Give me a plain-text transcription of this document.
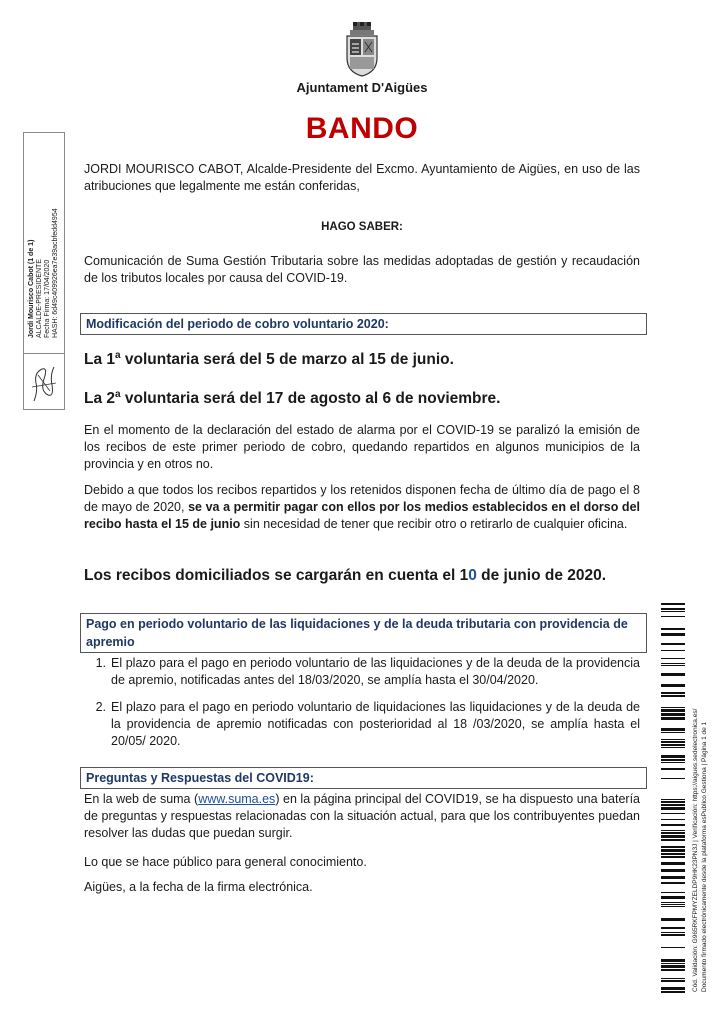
Ajuntament D'Aigües
BANDO
Jordi Mourisco Cabot (1 de 1) ALCALDE-PRESIDENTE Fecha Firma: 17/04/2020 HASH: 6d49c409926ea7e39acbfedd4954
JORDI MOURISCO CABOT, Alcalde-Presidente del Excmo. Ayuntamiento de Aigües, en uso de las atribuciones que legalmente me están conferidas,
HAGO SABER:
Comunicación de Suma Gestión Tributaria sobre las medidas adoptadas de gestión y recaudación de los tributos locales por causa del COVID-19.
Modificación del periodo de cobro voluntario 2020:
La 1$^a$ voluntaria será del 5 de marzo al 15 de junio.
La 2$^a$ voluntaria será del 17 de agosto al 6 de noviembre.
En el momento de la declaración del estado de alarma por el COVID-19 se paralizó la emisión de los recibos de este primer periodo de cobro, quedando repartidos en algunos municipios de la provincia y en otros no.
Debido a que todos los recibos repartidos y los retenidos disponen fecha de último día de pago el 8 de mayo de 2020, se va a permitir pagar con ellos por los medios establecidos en el dorso del recibo hasta el 15 de junio sin necesidad de tener que recibir otro o retirarlo de cualquier oficina.
Los recibos domiciliados se cargarán en cuenta el 10 de junio de 2020.
Pago en periodo voluntario de las liquidaciones y de la deuda tributaria con providencia de apremio
1. El plazo para el pago en periodo voluntario de las liquidaciones y de la deuda de la providencia de apremio, notificadas antes del 18/03/2020, se amplía hasta el 30/04/2020.
2. El plazo para el pago en periodo voluntario de liquidaciones las liquidaciones y de la deuda de la providencia de apremio notificadas con posterioridad al 18 /03/2020, se amplía hasta el 20/05/ 2020.
Preguntas y Respuestas del COVID19:
En la web de suma (www.suma.es) en la página principal del COVID19, se ha dispuesto una batería de preguntas y respuestas relacionadas con la situación actual, para que los contribuyentes puedan resolver las dudas que puedan surgir.
Lo que se hace público para general conocimiento.
Aigües, a la fecha de la firma electrónica.	Cód. Validación: G965RKFPMYZELDP9HK23PN3J | Verificación: https://aigues.sedelectronica.es/ Documento firmado electrónicamente desde la plataforma esPublico Gestiona | Página 1 de 1
